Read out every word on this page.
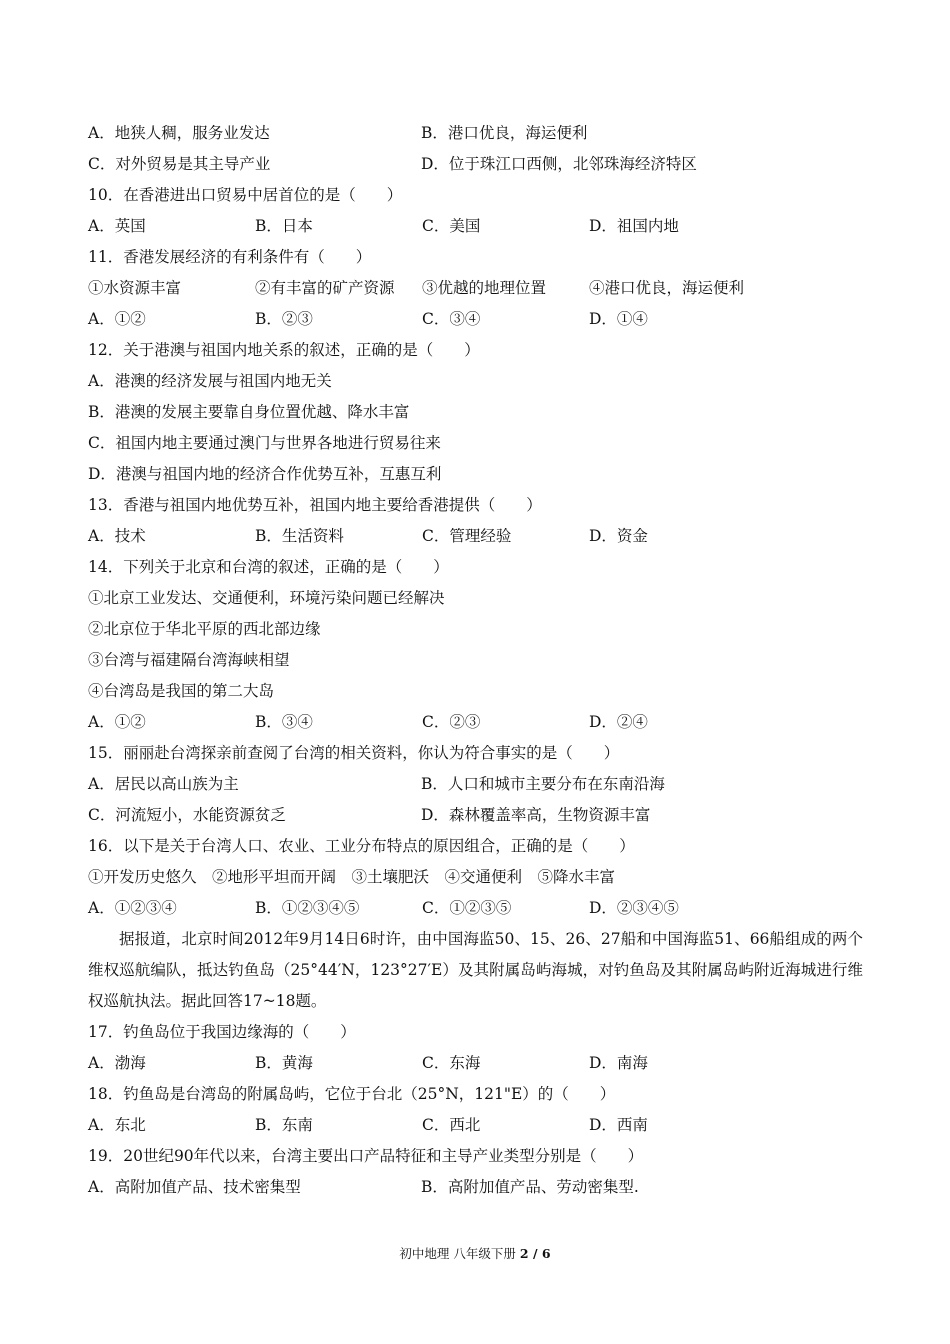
A．地狭人稠，服务业发达	B．港口优良，海运便利
C．对外贸易是其主导产业	D．位于珠江口西侧，北邻珠海经济特区
10．在香港进出口贸易中居首位的是（　　）
A．英国	B．日本	C．美国	D．祖国内地
11．香港发展经济的有利条件有（　　）
①水资源丰富	②有丰富的矿产资源	③优越的地理位置	④港口优良，海运便利
A．①②	B．②③	C．③④	D．①④
12．关于港澳与祖国内地关系的叙述，正确的是（　　）
A．港澳的经济发展与祖国内地无关
B．港澳的发展主要靠自身位置优越、降水丰富
C．祖国内地主要通过澳门与世界各地进行贸易往来
D．港澳与祖国内地的经济合作优势互补，互惠互利
13．香港与祖国内地优势互补，祖国内地主要给香港提供（　　）
A．技术	B．生活资料	C．管理经验	D．资金
14．下列关于北京和台湾的叙述，正确的是（　　）
①北京工业发达、交通便利，环境污染问题已经解决
②北京位于华北平原的西北部边缘
③台湾与福建隔台湾海峡相望
④台湾岛是我国的第二大岛
A．①②	B．③④	C．②③	D．②④
15．丽丽赴台湾探亲前查阅了台湾的相关资料，你认为符合事实的是（　　）
A．居民以高山族为主	B．人口和城市主要分布在东南沿海
C．河流短小，水能资源贫乏	D．森林覆盖率高，生物资源丰富
16．以下是关于台湾人口、农业、工业分布特点的原因组合，正确的是（　　）
①开发历史悠久　②地形平坦而开阔　③土壤肥沃　④交通便利　⑤降水丰富
A．①②③④	B．①②③④⑤	C．①②③⑤	D．②③④⑤
据报道，北京时间2012年9月14日6时许，由中国海监50、15、26、27船和中国海监51、66船组成的两个维权巡航编队，抵达钓鱼岛（25°44′N，123°27′E）及其附属岛屿海城，对钓鱼岛及其附属岛屿附近海城进行维权巡航执法。据此回答17~18题。
17．钓鱼岛位于我国边缘海的（　　）
A．渤海	B．黄海	C．东海	D．南海
18．钓鱼岛是台湾岛的附属岛屿，它位于台北（25°N，121"E）的（　　）
A．东北	B．东南	C．西北	D．西南
19．20世纪90年代以来，台湾主要出口产品特征和主导产业类型分别是（　　）
A．高附加值产品、技术密集型	B．高附加值产品、劳动密集型.
初中地理 八年级下册 2 / 6
